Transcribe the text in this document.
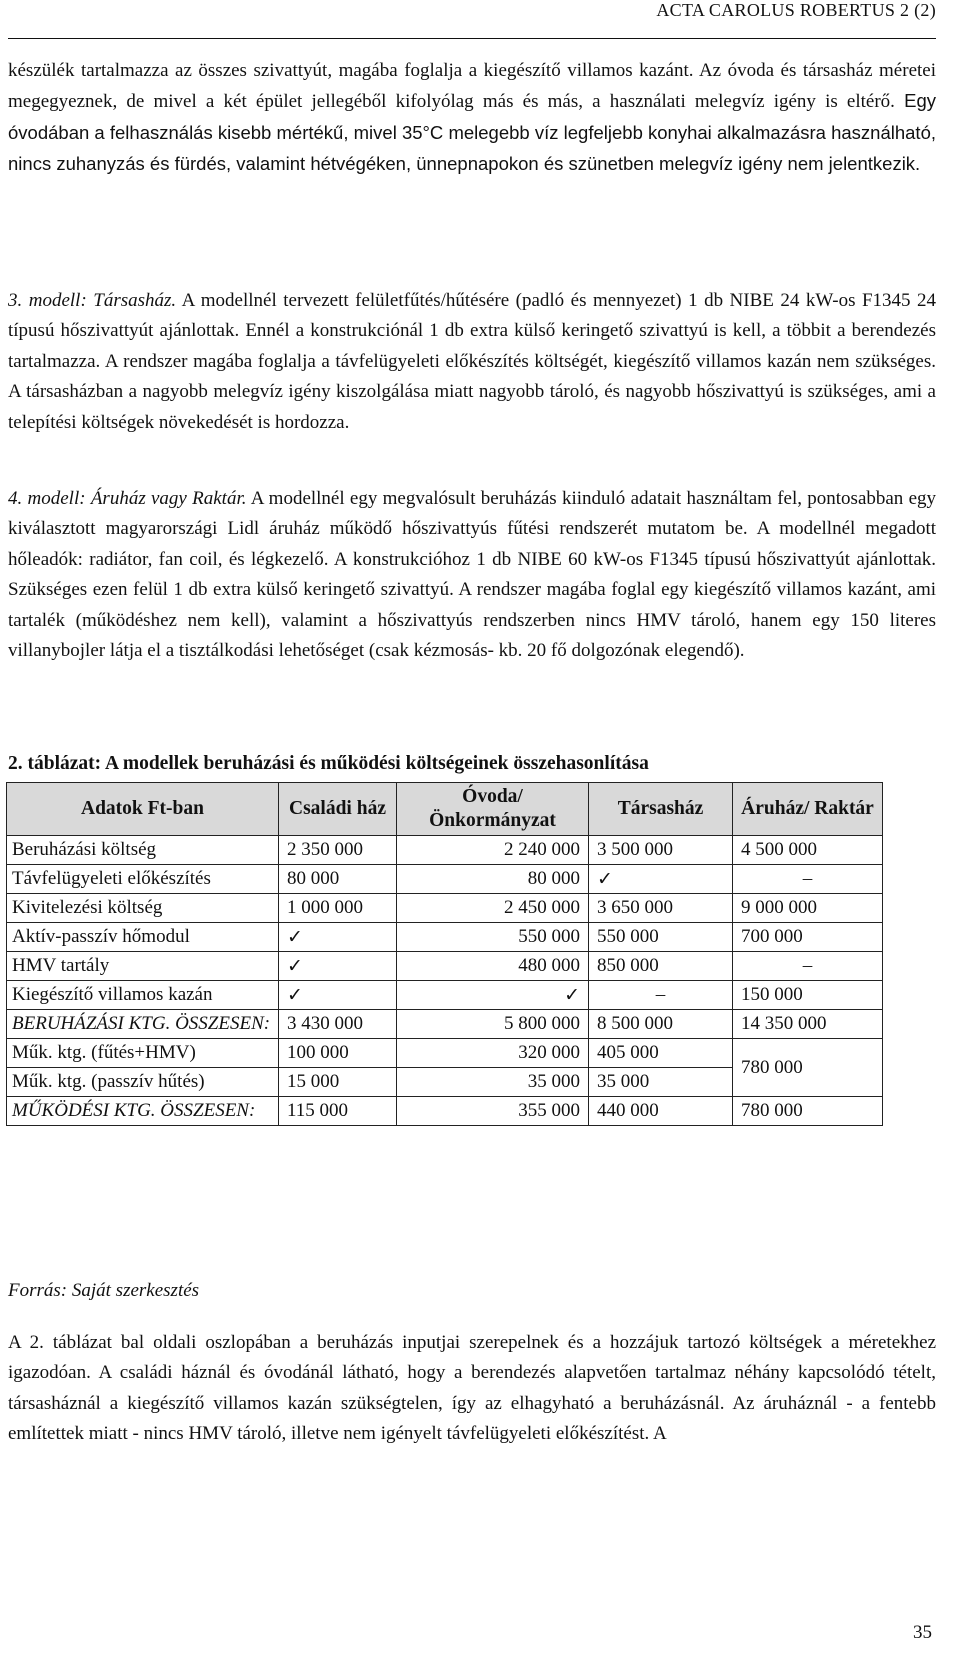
ACTA CAROLUS ROBERTUS 2 (2)

készülék tartalmazza az összes szivattyút, magába foglalja a kiegészítő villamos kazánt. Az óvoda és társasház méretei megegyeznek, de mivel a két épület jellegéből kifolyólag más és más, a használati melegvíz igény is eltérő. Egy óvodában a felhasználás kisebb mértékű, mivel 35°C melegebb víz legfeljebb konyhai alkalmazásra használható, nincs zuhanyzás és fürdés, valamint hétvégéken, ünnepnapokon és szünetben melegvíz igény nem jelentkezik.

3. modell: Társasház. A modellnél tervezett felületfűtés/hűtésére (padló és mennyezet) 1 db NIBE 24 kW-os F1345 24 típusú hőszivattyút ajánlottak. Ennél a konstrukciónál 1 db extra külső keringető szivattyú is kell, a többit a berendezés tartalmazza. A rendszer magába foglalja a távfelügyeleti előkészítés költségét, kiegészítő villamos kazán nem szükséges. A társasházban a nagyobb melegvíz igény kiszolgálása miatt nagyobb tároló, és nagyobb hőszivattyú is szükséges, ami a telepítési költségek növekedését is hordozza.

4. modell: Áruház vagy Raktár. A modellnél egy megvalósult beruházás kiinduló adatait használtam fel, pontosabban egy kiválasztott magyarországi Lidl áruház működő hőszivattyús fűtési rendszerét mutatom be. A modellnél megadott hőleadók: radiátor, fan coil, és légkezelő. A konstrukcióhoz 1 db NIBE 60 kW-os F1345 típusú hőszivattyút ajánlottak. Szükséges ezen felül 1 db extra külső keringető szivattyú. A rendszer magába foglal egy kiegészítő villamos kazánt, ami tartalék (működéshez nem kell), valamint a hőszivattyús rendszerben nincs HMV tároló, hanem egy 150 literes villanybojler látja el a tisztálkodási lehetőséget (csak kézmosás- kb. 20 fő dolgozónak elegendő).

2. táblázat: A modellek beruházási és működési költségeinek összehasonlítása
Adatok Ft-ban	Családi ház	Óvoda/ Önkormányzat	Társasház	Áruház/ Raktár
Beruházási költség	2 350 000	2 240 000	3 500 000	4 500 000
Távfelügyeleti előkészítés	80 000	80 000	✓	–
Kivitelezési költség	1 000 000	2 450 000	3 650 000	9 000 000
Aktív-passzív hőmodul	✓	550 000	550 000	700 000
HMV tartály	✓	480 000	850 000	–
Kiegészítő villamos kazán	✓	✓	–	150 000
BERUHÁZÁSI KTG. ÖSSZESEN:	3 430 000	5 800 000	8 500 000	14 350 000
Műk. ktg. (fűtés+HMV)	100 000	320 000	405 000	780 000
Műk. ktg. (passzív hűtés)	15 000	35 000	35 000	
MŰKÖDÉSI KTG. ÖSSZESEN:	115 000	355 000	440 000	780 000
Forrás: Saját szerkesztés

A 2. táblázat bal oldali oszlopában a beruházás inputjai szerepelnek és a hozzájuk tartozó költségek a méretekhez igazodóan. A családi háznál és óvodánál látható, hogy a berendezés alapvetően tartalmaz néhány kapcsolódó tételt, társasháznál a kiegészítő villamos kazán szükségtelen, így az elhagyható a beruházásnál. Az áruháznál - a fentebb említettek miatt - nincs HMV tároló, illetve nem igényelt távfelügyeleti előkészítést. A

35
